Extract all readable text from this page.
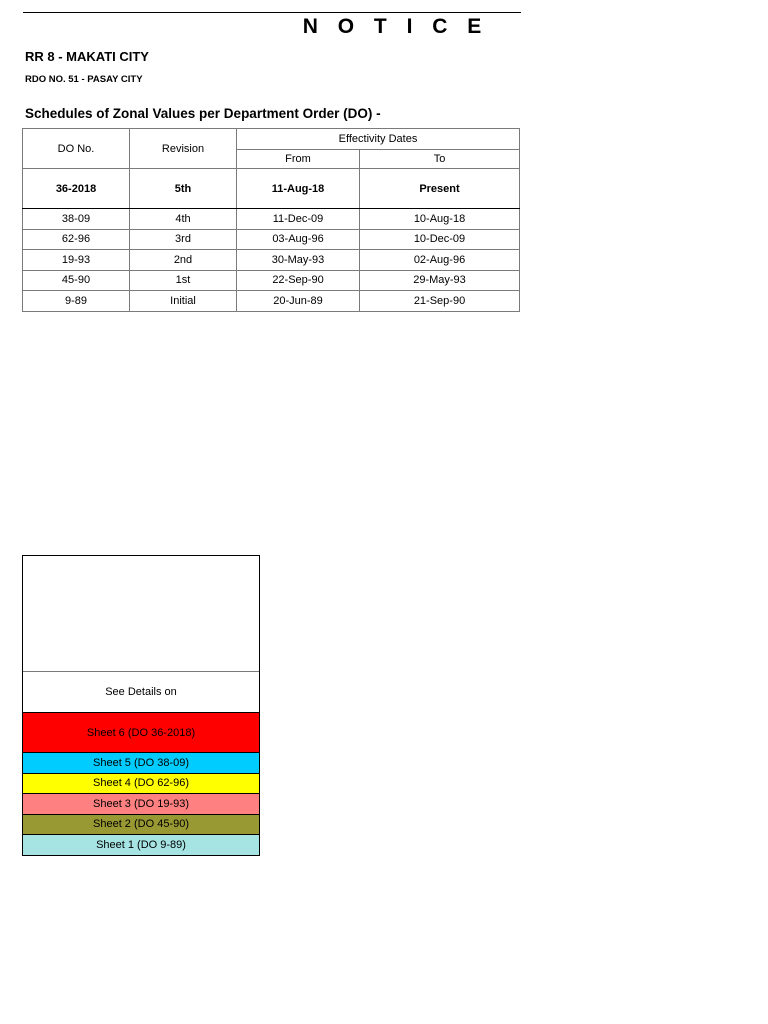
N O T I C E
RR 8 - MAKATI CITY
RDO NO. 51 - PASAY CITY
Schedules of Zonal Values per Department Order (DO) -
DO No.	Revision	Effectivity Dates	
		From	To
36-2018	5th	11-Aug-18	Present
38-09	4th	11-Dec-09	10-Aug-18
62-96	3rd	03-Aug-96	10-Dec-09
19-93	2nd	30-May-93	02-Aug-96
45-90	1st	22-Sep-90	29-May-93
9-89	Initial	20-Jun-89	21-Sep-90
See Details on
Sheet 6 (DO 36-2018)
Sheet 5 (DO 38-09)
Sheet 4 (DO 62-96)
Sheet 3 (DO 19-93)
Sheet 2 (DO 45-90)
Sheet 1 (DO 9-89)
